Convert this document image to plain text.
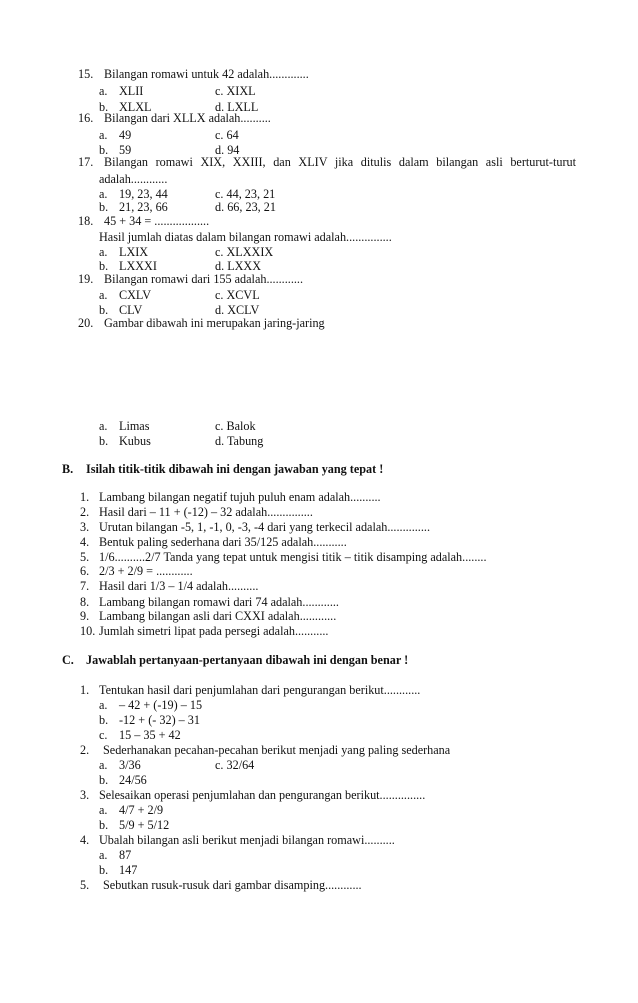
15. Bilangan romawi untuk 42 adalah.............
a. XLII	c. XIXL
b. XLXL	d. LXLL
16. Bilangan dari XLLX adalah..........
a. 49	c. 64
b. 59	d. 94
17. Bilangan romawi XIX, XXIII, dan XLIV jika ditulis dalam bilangan asli berturut-turut
adalah............
a. 19, 23, 44	c. 44, 23, 21
b. 21, 23, 66	d. 66, 23, 21
18. 45 + 34 = ..................
Hasil jumlah diatas dalam bilangan romawi adalah...............
a. LXIX	c. XLXXIX
b. LXXXI	d. LXXX
19. Bilangan romawi dari 155 adalah............
a. CXLV	c. XCVL
b. CLV	d. XCLV
20. Gambar dibawah ini merupakan jaring-jaring
a. Limas	c. Balok
b. Kubus	d. Tabung
B. Isilah titik-titik dibawah ini dengan jawaban yang tepat !
1. Lambang bilangan negatif tujuh puluh enam adalah..........
2. Hasil dari – 11 + (-12) – 32 adalah...............
3. Urutan bilangan -5, 1, -1, 0, -3, -4 dari yang terkecil adalah..............
4. Bentuk paling sederhana dari 35/125 adalah...........
5. 1/6..........2/7 Tanda yang tepat untuk mengisi titik – titik disamping adalah........
6. 2/3 + 2/9 = ............
7. Hasil dari 1/3 – 1/4 adalah..........
8. Lambang bilangan romawi dari 74 adalah............
9. Lambang bilangan asli dari CXXI adalah............
10. Jumlah simetri lipat pada persegi adalah...........
C. Jawablah pertanyaan-pertanyaan dibawah ini dengan benar !
1. Tentukan hasil dari penjumlahan dari pengurangan berikut............
a. – 42 + (-19) – 15
b. -12 + (- 32) – 31
c. 15 – 35 + 42
2. Sederhanakan pecahan-pecahan berikut menjadi yang paling sederhana
a. 3/36	c. 32/64
b. 24/56
3. Selesaikan operasi penjumlahan dan pengurangan berikut...............
a. 4/7 + 2/9
b. 5/9 + 5/12
4. Ubalah bilangan asli berikut menjadi bilangan romawi..........
a. 87
b. 147
5. Sebutkan rusuk-rusuk dari gambar disamping............
